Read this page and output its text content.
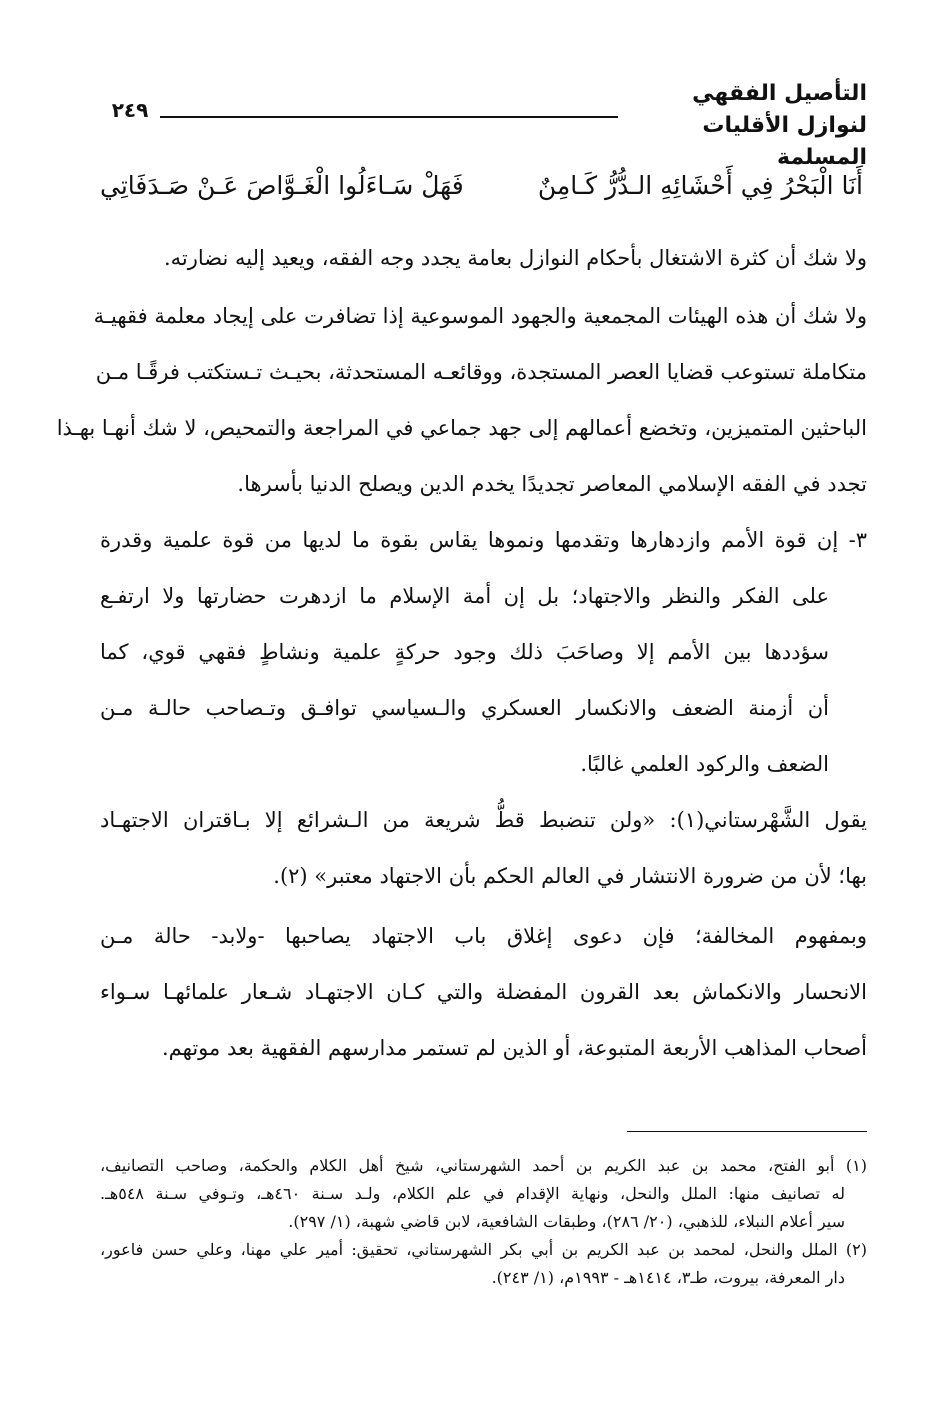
التأصيل الفقهي
لنوازل الأقليات المسلمة
٢٤٩
أَنَا الْبَحْرُ فِي أَحْشَائِهِ الـدُّرُّ كَـامِنٌ
فَهَلْ سَـاءَلُوا الْغَـوَّاصَ عَـنْ صَـدَفَاتِي
ولا شك أن كثرة الاشتغال بأحكام النوازل بعامة يجدد وجه الفقه، ويعيد إليه نضارته.
ولا شك أن هذه الهيئات المجمعية والجهود الموسوعية إذا تضافرت على إيجاد معلمة فقهيـة
متكاملة تستوعب قضايا العصر المستجدة، ووقائعـه المستحدثة، بحيـث تـستكتب فرقًـا مـن
الباحثين المتميزين، وتخضع أعمالهم إلى جهد جماعي في المراجعة والتمحيص، لا شك أنهـا بهـذا
تجدد في الفقه الإسلامي المعاصر تجديدًا يخدم الدين ويصلح الدنيا بأسرها.
٣- إن قوة الأمم وازدهارها وتقدمها ونموها يقاس بقوة ما لديها من قوة علمية وقدرة
على الفكر والنظر والاجتهاد؛ بل إن أمة الإسلام ما ازدهرت حضارتها ولا ارتفـع
سؤددها بين الأمم إلا وصاحَبَ ذلك وجود حركةٍ علمية ونشاطٍ فقهي قوي، كما
أن أزمنة الضعف والانكسار العسكري والـسياسي توافـق وتـصاحب حالـة مـن
الضعف والركود العلمي غالبًا.
يقول الشَّهْرستاني(١): «ولن تنضبط قطُّ شريعة من الـشرائع إلا بـاقتران الاجتهـاد
بها؛ لأن من ضرورة الانتشار في العالم الحكم بأن الاجتهاد معتبر» (٢).
وبمفهوم المخالفة؛ فإن دعوى إغلاق باب الاجتهاد يصاحبها -ولابد- حالة مـن
الانحسار والانكماش بعد القرون المفضلة والتي كـان الاجتهـاد شـعار علمائهـا سـواء
أصحاب المذاهب الأربعة المتبوعة، أو الذين لم تستمر مدارسهم الفقهية بعد موتهم.
(١) أبو الفتح، محمد بن عبد الكريم بن أحمد الشهرستاني، شيخ أهل الكلام والحكمة، وصاحب التصانيف،
له تصانيف منها: الملل والنحل، ونهاية الإقدام في علم الكلام، ولـد سـنة ٤٦٠هـ، وتـوفي سـنة ٥٤٨هـ.
سير أعلام النبلاء، للذهبي، (٢٠/ ٢٨٦)، وطبقات الشافعية، لابن قاضي شهبة، (١/ ٢٩٧).
(٢) الملل والنحل، لمحمد بن عبد الكريم بن أبي بكر الشهرستاني، تحقيق: أمير علي مهنا، وعلي حسن فاعور،
دار المعرفة، بيروت، طـ٣، ١٤١٤هـ - ١٩٩٣م، (١/ ٢٤٣).
